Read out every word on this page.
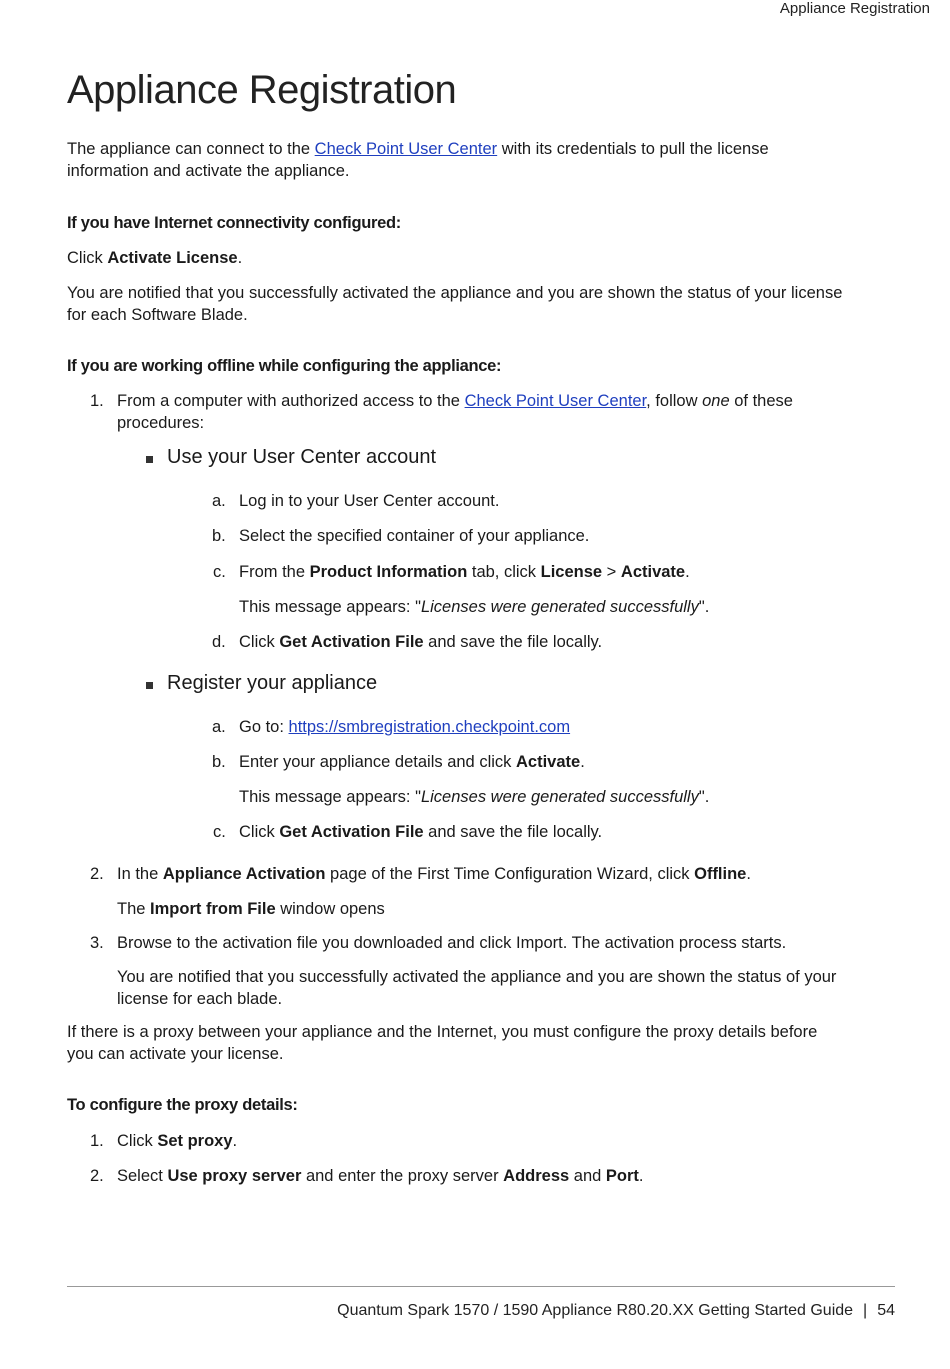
Appliance Registration
Appliance Registration
The appliance can connect to the Check Point User Center with its credentials to pull the license
information and activate the appliance.
If you have Internet connectivity configured:
Click Activate License.
You are notified that you successfully activated the appliance and you are shown the status of your license
for each Software Blade.
If you are working offline while configuring the appliance:
1. From a computer with authorized access to the Check Point User Center, follow one of these
procedures:
Use your User Center account
a. Log in to your User Center account.
b. Select the specified container of your appliance.
c. From the Product Information tab, click License > Activate.
This message appears: "Licenses were generated successfully".
d. Click Get Activation File and save the file locally.
Register your appliance
a. Go to: https://smbregistration.checkpoint.com
b. Enter your appliance details and click Activate.
This message appears: "Licenses were generated successfully".
c. Click Get Activation File and save the file locally.
2. In the Appliance Activation page of the First Time Configuration Wizard, click Offline.
The Import from File window opens
3. Browse to the activation file you downloaded and click Import. The activation process starts.
You are notified that you successfully activated the appliance and you are shown the status of your
license for each blade.
If there is a proxy between your appliance and the Internet, you must configure the proxy details before
you can activate your license.
To configure the proxy details:
1. Click Set proxy.
2. Select Use proxy server and enter the proxy server Address and Port.
Quantum Spark 1570 / 1590 Appliance R80.20.XX Getting Started Guide | 54
